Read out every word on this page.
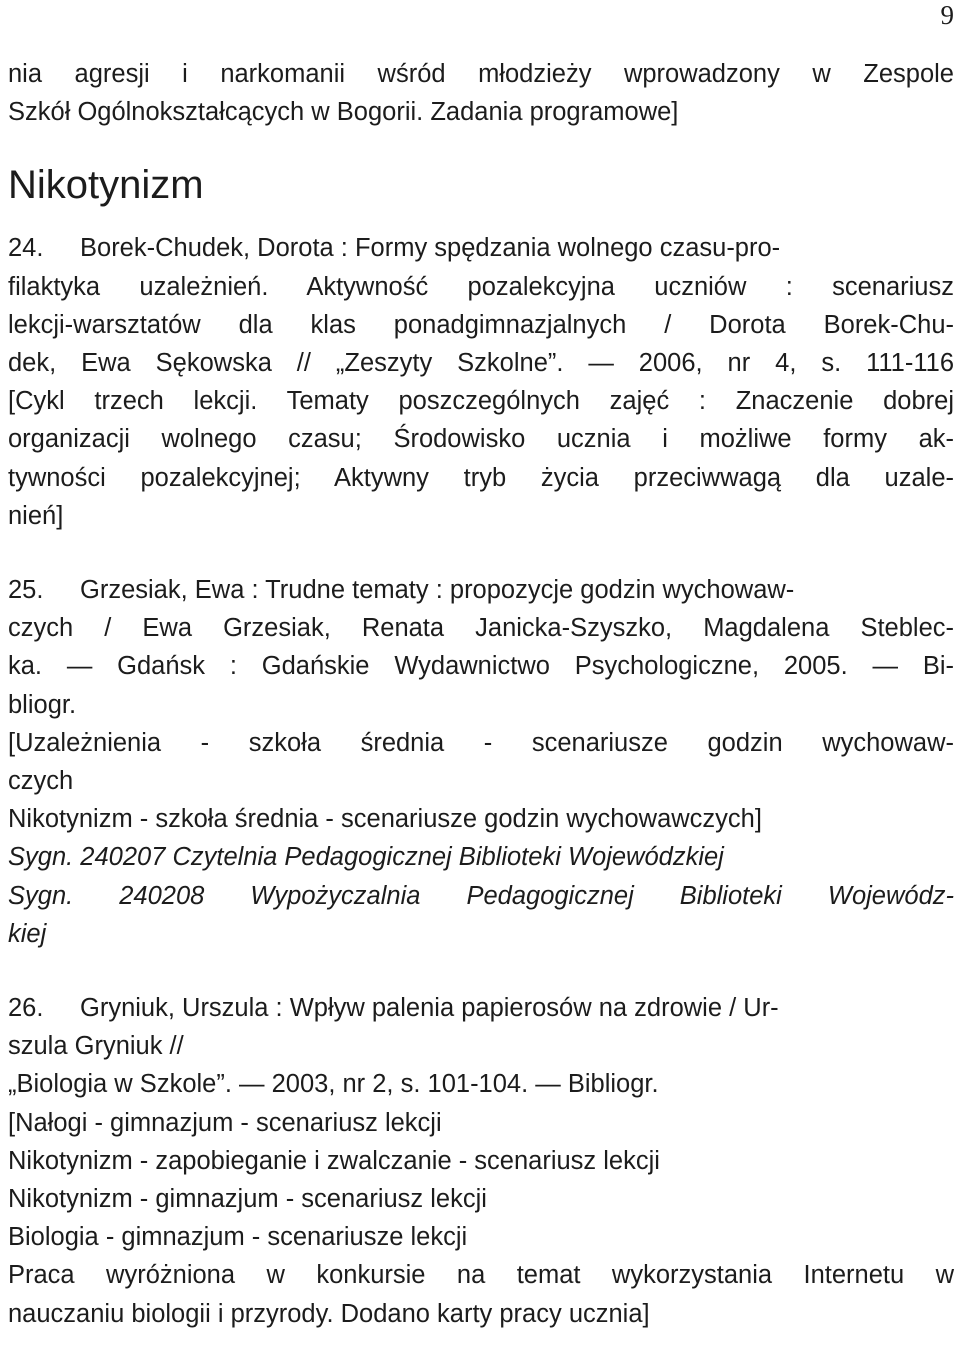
9
nia agresji i narkomanii wśród młodzieży wprowadzony w Zespole
Szkół Ogólnokształcących w Bogorii. Zadania programowe]
Nikotynizm
24. Borek-Chudek, Dorota : Formy spędzania wolnego czasu-pro-
filaktyka uzależnień. Aktywność pozalekcyjna uczniów : scenariusz
lekcji-warsztatów dla klas ponadgimnazjalnych / Dorota Borek-Chu-
dek, Ewa Sękowska // „Zeszyty Szkolne”. — 2006, nr 4, s. 111-116
[Cykl trzech lekcji. Tematy poszczególnych zajęć : Znaczenie dobrej
organizacji wolnego czasu; Środowisko ucznia i możliwe formy ak-
tywności pozalekcyjnej; Aktywny tryb życia przeciwwagą dla uzale-
nień]
25. Grzesiak, Ewa : Trudne tematy : propozycje godzin wychowaw-
czych / Ewa Grzesiak, Renata Janicka-Szyszko, Magdalena Steblec-
ka. — Gdańsk : Gdańskie Wydawnictwo Psychologiczne, 2005. — Bi-
bliogr.
[Uzależnienia - szkoła średnia - scenariusze godzin wychowaw-
czych
Nikotynizm - szkoła średnia - scenariusze godzin wychowawczych]
Sygn. 240207 Czytelnia Pedagogicznej Biblioteki Wojewódzkiej
Sygn. 240208 Wypożyczalnia Pedagogicznej Biblioteki Wojewódz-
kiej
26. Gryniuk, Urszula : Wpływ palenia papierosów na zdrowie / Ur-
szula Gryniuk //
„Biologia w Szkole”. — 2003, nr 2, s. 101-104. — Bibliogr.
[Nałogi - gimnazjum - scenariusz lekcji
Nikotynizm - zapobieganie i zwalczanie - scenariusz lekcji
Nikotynizm - gimnazjum - scenariusz lekcji
Biologia - gimnazjum - scenariusze lekcji
Praca wyróżniona w konkursie na temat wykorzystania Internetu w
nauczaniu biologii i przyrody. Dodano karty pracy ucznia]
